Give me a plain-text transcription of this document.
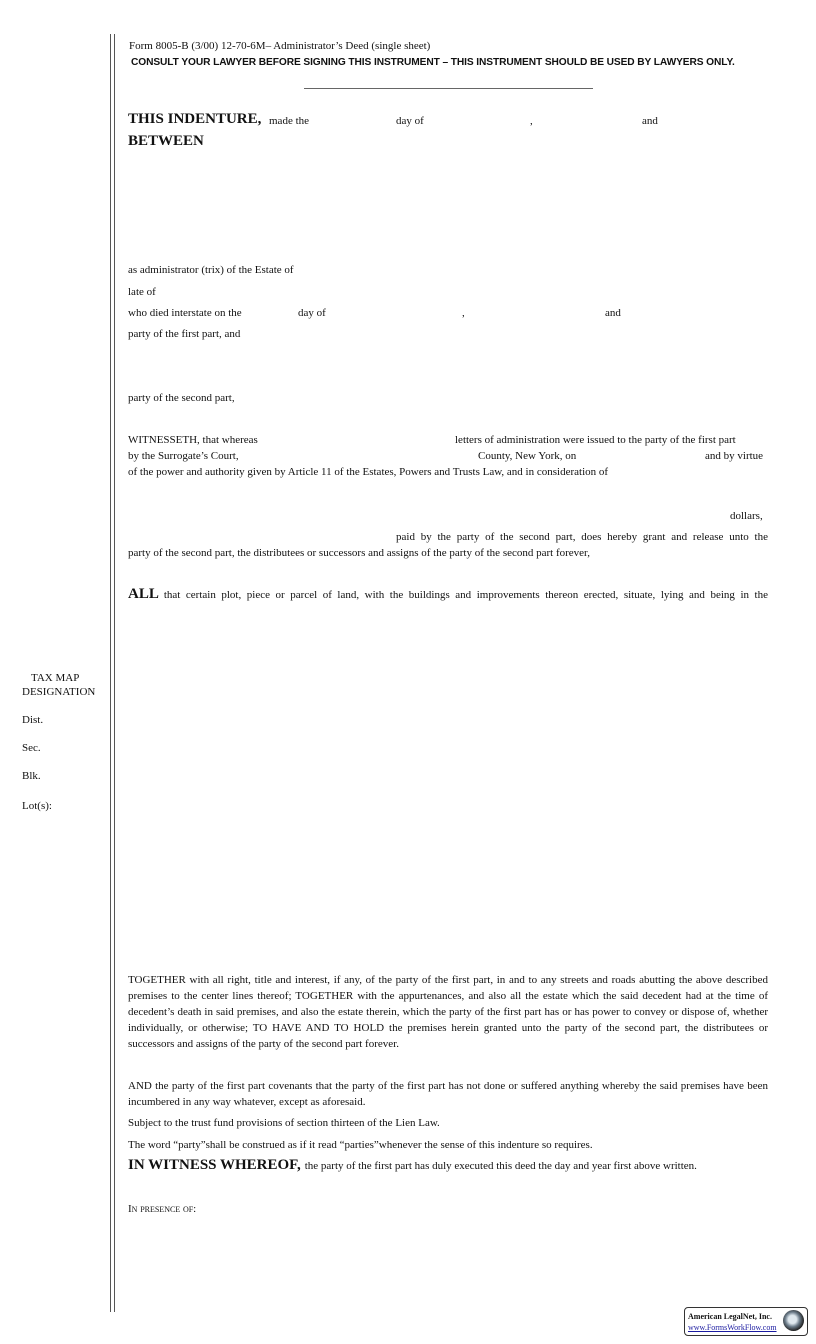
Form 8005-B (3/00) 12-70-6M– Administrator’s Deed (single sheet)
CONSULT YOUR LAWYER BEFORE SIGNING THIS INSTRUMENT – THIS INSTRUMENT SHOULD BE USED BY LAWYERS ONLY.
THIS INDENTURE, made the	day of	,	and
BETWEEN
as administrator (trix) of the Estate of
late of
who died interstate on the	day of	,	and
party of the first part, and
party of the second part,
WITNESSETH, that whereas	letters of administration were issued to the party of the first part
by the Surrogate’s Court,	County, New York, on	and by virtue
of the power and authority given by Article 11 of the Estates, Powers and Trusts Law, and in consideration of
dollars,
paid by the party of the second part, does hereby grant and release unto the
party of the second part, the distributees or successors and assigns of the party of the second part forever,
ALL that certain plot, piece or parcel of land, with the buildings and improvements thereon erected, situate, lying and being in the
TAX MAP
DESIGNATION
Dist.
Sec.
Blk.
Lot(s):
TOGETHER with all right, title and interest, if any, of the party of the first part, in and to any streets and roads abutting the above described premises to the center lines thereof; TOGETHER with the appurtenances, and also all the estate which the said decedent had at the time of decedent’s death in said premises, and also the estate therein, which the party of the first part has or has power to convey or dispose of, whether individually, or otherwise; TO HAVE AND TO HOLD the premises herein granted unto the party of the second part, the distributees or successors and assigns of the party of the second part forever.
AND the party of the first part covenants that the party of the first part has not done or suffered anything whereby the said premises have been incumbered in any way whatever, except as aforesaid.
Subject to the trust fund provisions of section thirteen of the Lien Law.
The word “party”shall be construed as if it read “parties”whenever the sense of this indenture so requires.
IN WITNESS WHEREOF, the party of the first part has duly executed this deed the day and year first above written.
In presence of:
American LegalNet, Inc.
www.FormsWorkFlow.com
